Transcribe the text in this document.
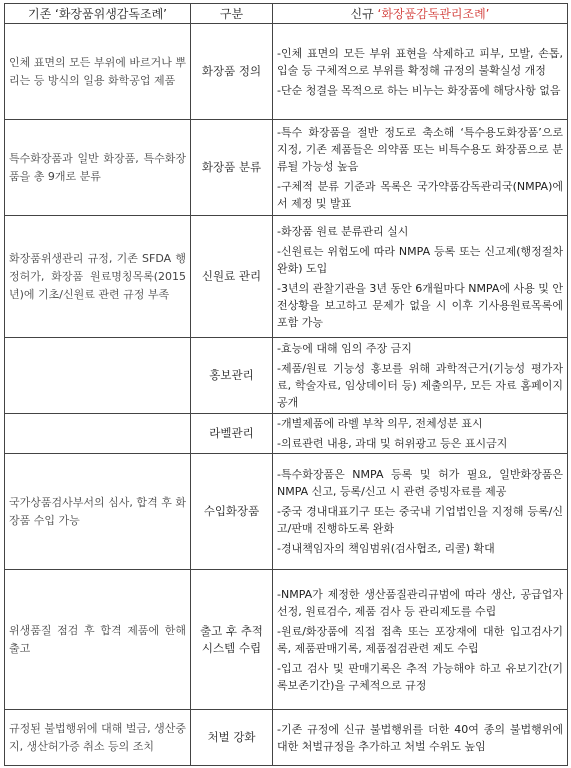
기존 ‘화장품위생감독조례’	구분	신규 ‘화장품감독관리조례’
인체 표면의 모든 부위에 바르거나 뿌리는 등 방식의 일용 화학공업 제품	화장품 정의	-인체 표면의 모든 부위 표현을 삭제하고 피부, 모발, 손톱, 입술 등 구체적으로 부위를 확정해 규정의 불확실성 개정
-단순 청결을 목적으로 하는 비누는 화장품에 해당사항 없음

특수화장품과 일반 화장품, 특수화장품을 총 9개로 분류	화장품 분류	-특수 화장품을 절반 정도로 축소해 ‘특수용도화장품’으로 지정, 기존 제품들은 의약품 또는 비특수용도 화장품으로 분류될 가능성 높음
-구체적 분류 기준과 목록은 국가약품감독관리국(NMPA)에서 제정 및 발표

화장품위생관리 규정, 기존 SFDA 행정허가, 화장품 원료명칭목록(2015년)에 기초/신원료 관련 규정 부족	신원료 관리	-화장품 원료 분류관리 실시
-신원료는 위험도에 따라 NMPA 등록 또는 신고제(행정절차 완화) 도입
-3년의 관찰기관을 3년 동안 6개월마다 NMPA에 사용 및 안전상황을 보고하고 문제가 없을 시 이후 기사용원료목록에 포함 가능

	홍보관리	-효능에 대해 임의 주장 금지
-제품/원료 기능성 홍보를 위해 과학적근거(기능성 평가자료, 학술자료, 임상데이터 등) 제출의무, 모든 자료 홈페이지 공개

	라벨관리	-개별제품에 라벨 부착 의무, 전체성분 표시
-의료관련 내용, 과대 및 허위광고 등은 표시금지

국가상품검사부서의 심사, 합격 후 화장품 수입 가능	수입화장품	-특수화장품은 NMPA 등록 및 허가 필요, 일반화장품은 NMPA 신고, 등록/신고 시 관련 증빙자료를 제공
-중국 경내대표기구 또는 중국내 기업법인을 지정해 등록/신고/판매 진행하도록 완화
-경내책임자의 책임범위(검사협조, 리콜) 확대

위생품질 점검 후 합격 제품에 한해 출고	출고 후 추적시스템 수립	-NMPA가 제정한 생산품질관리규범에 따라 생산, 공급업자 선정, 원료검수, 제품 검사 등 관리제도를 수립
-원료/화장품에 직접 접촉 또는 포장재에 대한 입고검사기록, 제품판매기록, 제품점검관련 제도 수립
-입고 검사 및 판매기록은 추적 가능해야 하고 유보기간(기록보존기간)을 구체적으로 규정

규정된 불법행위에 대해 벌금, 생산중지, 생산허가증 취소 등의 조치	처벌 강화	-기존 규정에 신규 불법행위를 더한 40여 종의 불법행위에 대한 처벌규정을 추가하고 처벌 수위도 높임
